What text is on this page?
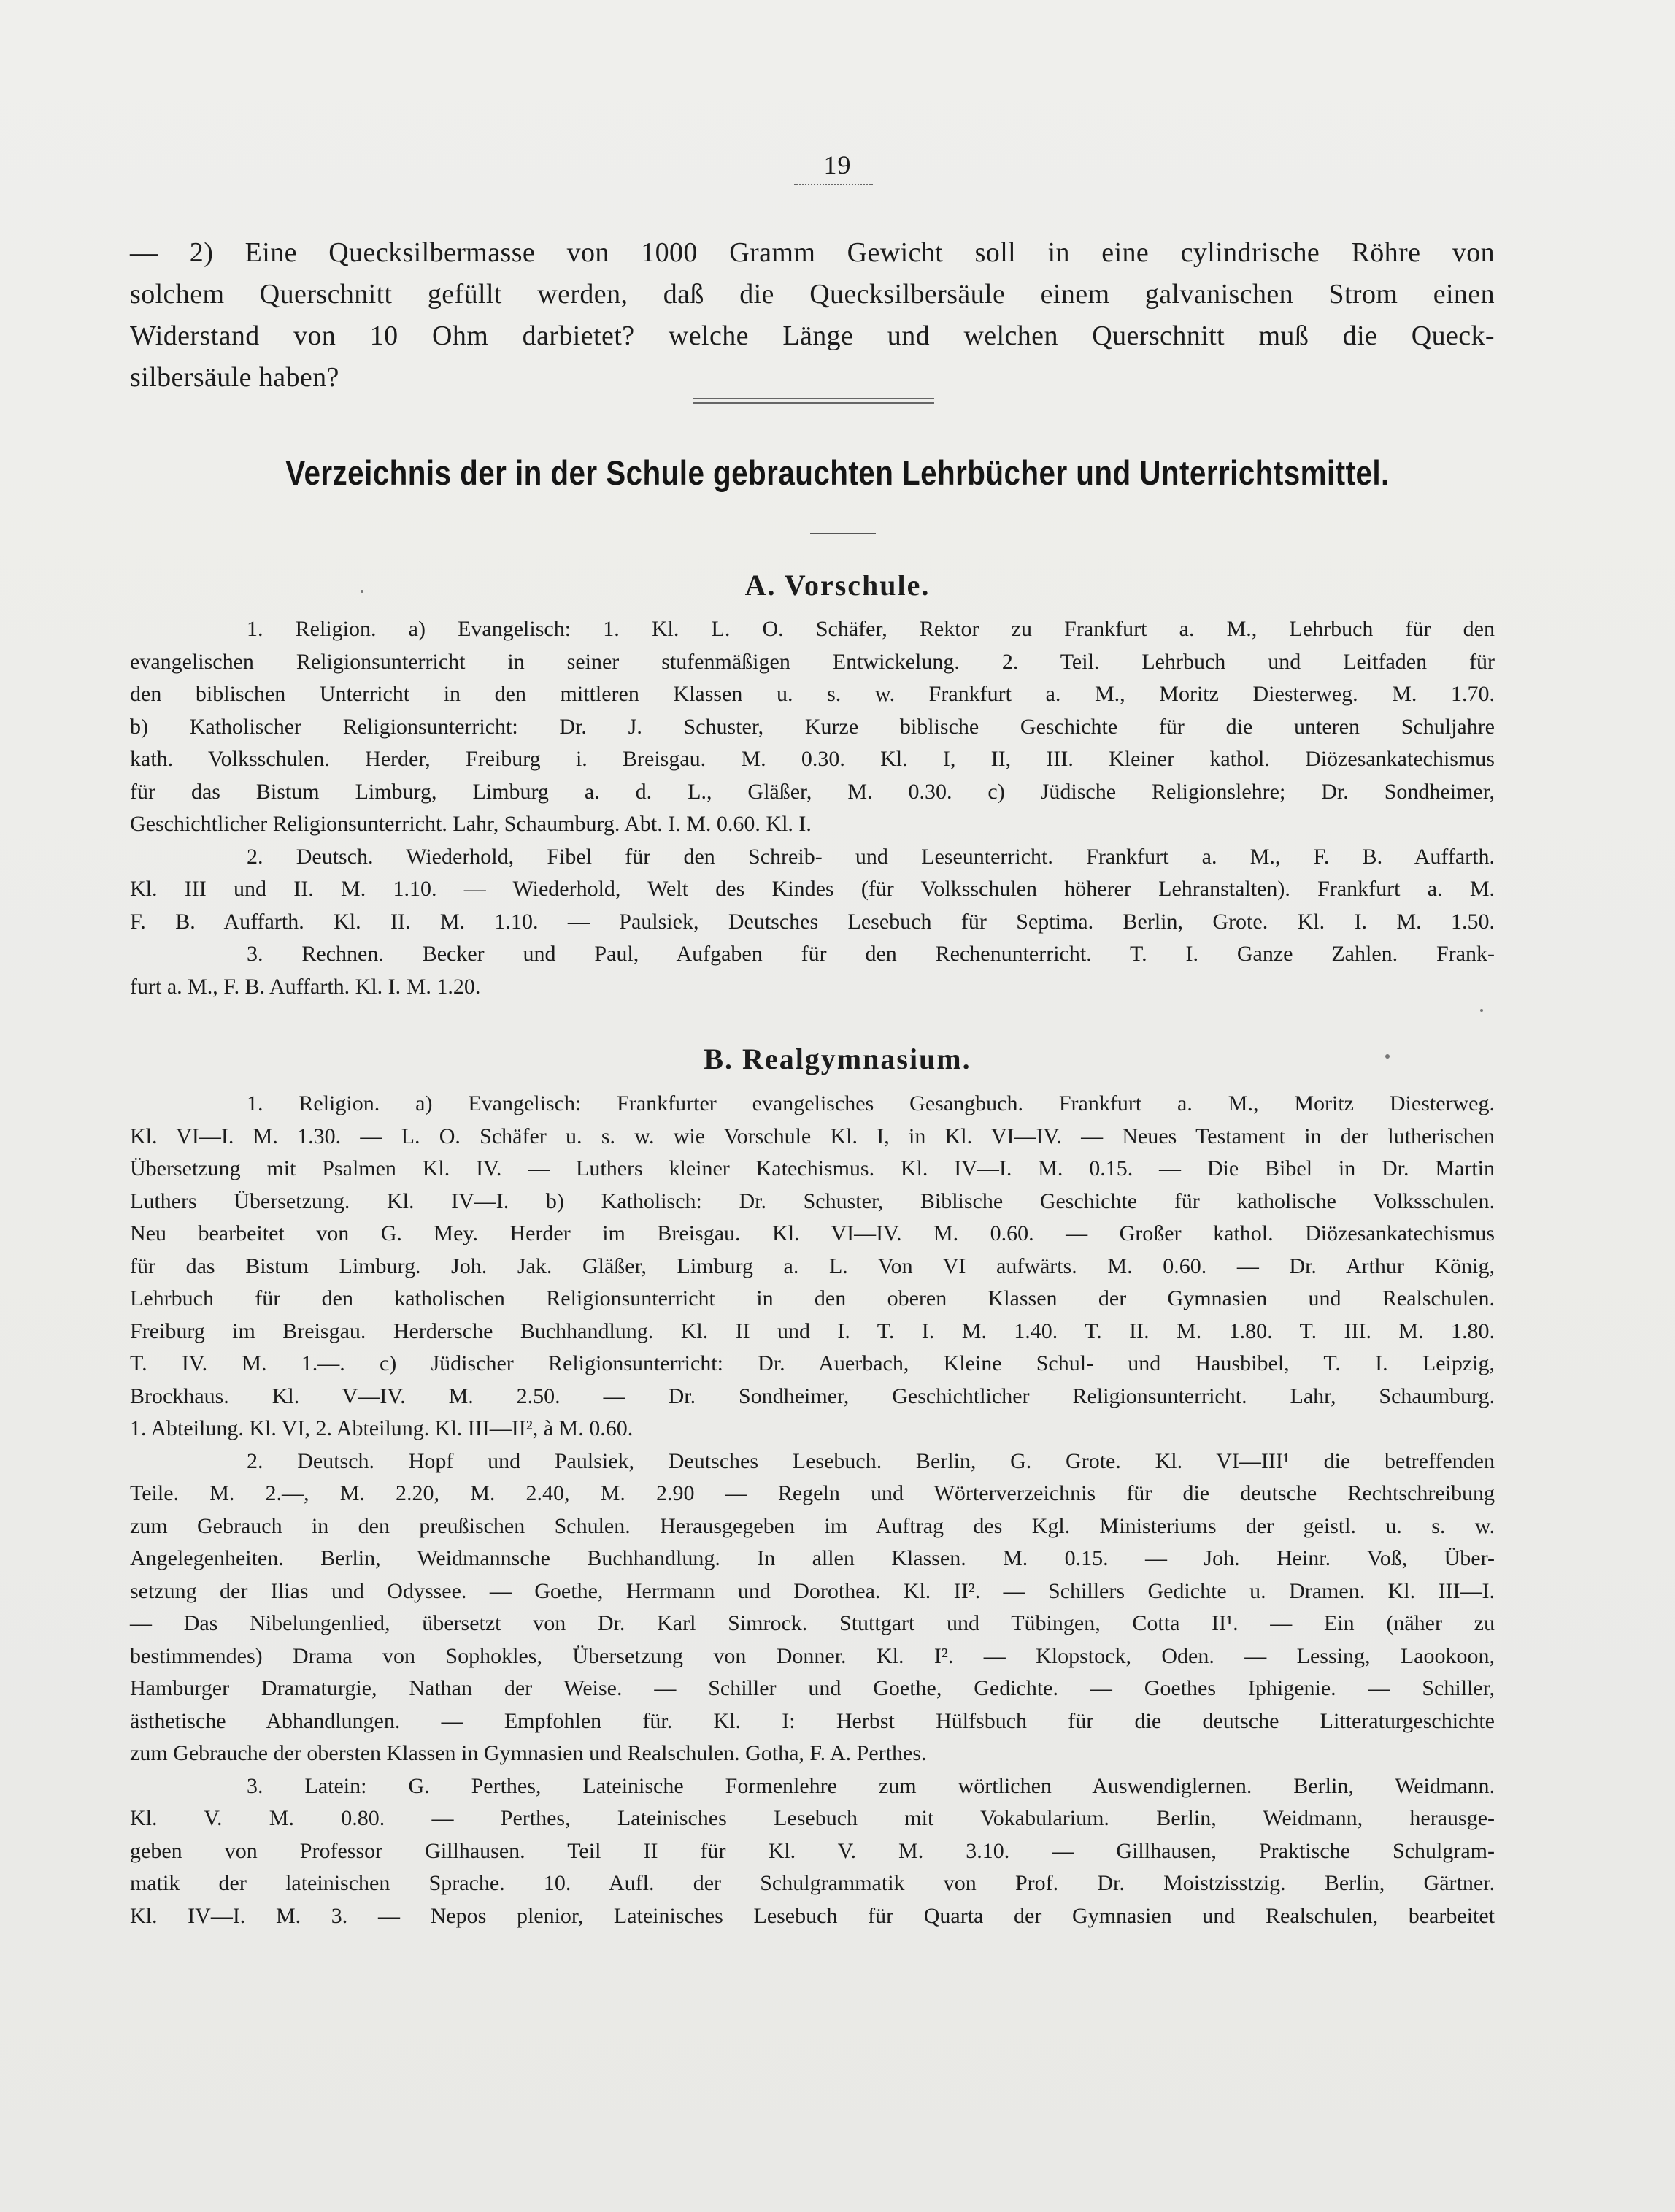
19
— 2) Eine Quecksilbermasse von 1000 Gramm Gewicht soll in eine cylindrische Röhre von
solchem Querschnitt gefüllt werden, daß die Quecksilbersäule einem galvanischen Strom einen
Widerstand von 10 Ohm darbietet? welche Länge und welchen Querschnitt muß die Queck-
silbersäule haben?
Verzeichnis der in der Schule gebrauchten Lehrbücher und Unterrichtsmittel.
A. Vorschule.
1. Religion. a) Evangelisch: 1. Kl. L. O. Schäfer, Rektor zu Frankfurt a. M., Lehrbuch für den
evangelischen Religionsunterricht in seiner stufenmäßigen Entwickelung. 2. Teil. Lehrbuch und Leitfaden für
den biblischen Unterricht in den mittleren Klassen u. s. w. Frankfurt a. M., Moritz Diesterweg. M. 1.70.
b) Katholischer Religionsunterricht: Dr. J. Schuster, Kurze biblische Geschichte für die unteren Schuljahre
kath. Volksschulen. Herder, Freiburg i. Breisgau. M. 0.30. Kl. I, II, III. Kleiner kathol. Diözesankatechismus
für das Bistum Limburg, Limburg a. d. L., Gläßer, M. 0.30. c) Jüdische Religionslehre; Dr. Sondheimer,
Geschichtlicher Religionsunterricht. Lahr, Schaumburg. Abt. I. M. 0.60. Kl. I.
2. Deutsch. Wiederhold, Fibel für den Schreib- und Leseunterricht. Frankfurt a. M., F. B. Auffarth.
Kl. III und II. M. 1.10. — Wiederhold, Welt des Kindes (für Volksschulen höherer Lehranstalten). Frankfurt a. M.
F. B. Auffarth. Kl. II. M. 1.10. — Paulsiek, Deutsches Lesebuch für Septima. Berlin, Grote. Kl. I. M. 1.50.
3. Rechnen. Becker und Paul, Aufgaben für den Rechenunterricht. T. I. Ganze Zahlen. Frank-
furt a. M., F. B. Auffarth. Kl. I. M. 1.20.
B. Realgymnasium.
1. Religion. a) Evangelisch: Frankfurter evangelisches Gesangbuch. Frankfurt a. M., Moritz Diesterweg.
Kl. VI—I. M. 1.30. — L. O. Schäfer u. s. w. wie Vorschule Kl. I, in Kl. VI—IV. — Neues Testament in der lutherischen
Übersetzung mit Psalmen Kl. IV. — Luthers kleiner Katechismus. Kl. IV—I. M. 0.15. — Die Bibel in Dr. Martin
Luthers Übersetzung. Kl. IV—I. b) Katholisch: Dr. Schuster, Biblische Geschichte für katholische Volksschulen.
Neu bearbeitet von G. Mey. Herder im Breisgau. Kl. VI—IV. M. 0.60. — Großer kathol. Diözesankatechismus
für das Bistum Limburg. Joh. Jak. Gläßer, Limburg a. L. Von VI aufwärts. M. 0.60. — Dr. Arthur König,
Lehrbuch für den katholischen Religionsunterricht in den oberen Klassen der Gymnasien und Realschulen.
Freiburg im Breisgau. Herdersche Buchhandlung. Kl. II und I. T. I. M. 1.40. T. II. M. 1.80. T. III. M. 1.80.
T. IV. M. 1.—. c) Jüdischer Religionsunterricht: Dr. Auerbach, Kleine Schul- und Hausbibel, T. I. Leipzig,
Brockhaus. Kl. V—IV. M. 2.50. — Dr. Sondheimer, Geschichtlicher Religionsunterricht. Lahr, Schaumburg.
1. Abteilung. Kl. VI, 2. Abteilung. Kl. III—II², à M. 0.60.
2. Deutsch. Hopf und Paulsiek, Deutsches Lesebuch. Berlin, G. Grote. Kl. VI—III¹ die betreffenden
Teile. M. 2.—, M. 2.20, M. 2.40, M. 2.90 — Regeln und Wörterverzeichnis für die deutsche Rechtschreibung
zum Gebrauch in den preußischen Schulen. Herausgegeben im Auftrag des Kgl. Ministeriums der geistl. u. s. w.
Angelegenheiten. Berlin, Weidmannsche Buchhandlung. In allen Klassen. M. 0.15. — Joh. Heinr. Voß, Über-
setzung der Ilias und Odyssee. — Goethe, Herrmann und Dorothea. Kl. II². — Schillers Gedichte u. Dramen. Kl. III—I.
— Das Nibelungenlied, übersetzt von Dr. Karl Simrock. Stuttgart und Tübingen, Cotta II¹. — Ein (näher zu
bestimmendes) Drama von Sophokles, Übersetzung von Donner. Kl. I². — Klopstock, Oden. — Lessing, Laookoon,
Hamburger Dramaturgie, Nathan der Weise. — Schiller und Goethe, Gedichte. — Goethes Iphigenie. — Schiller,
ästhetische Abhandlungen. — Empfohlen für. Kl. I: Herbst Hülfsbuch für die deutsche Litteraturgeschichte
zum Gebrauche der obersten Klassen in Gymnasien und Realschulen. Gotha, F. A. Perthes.
3. Latein: G. Perthes, Lateinische Formenlehre zum wörtlichen Auswendiglernen. Berlin, Weidmann.
Kl. V. M. 0.80. — Perthes, Lateinisches Lesebuch mit Vokabularium. Berlin, Weidmann, herausge-
geben von Professor Gillhausen. Teil II für Kl. V. M. 3.10. — Gillhausen, Praktische Schulgram-
matik der lateinischen Sprache. 10. Aufl. der Schulgrammatik von Prof. Dr. Moistzisstzig. Berlin, Gärtner.
Kl. IV—I. M. 3. — Nepos plenior, Lateinisches Lesebuch für Quarta der Gymnasien und Realschulen, bearbeitet
